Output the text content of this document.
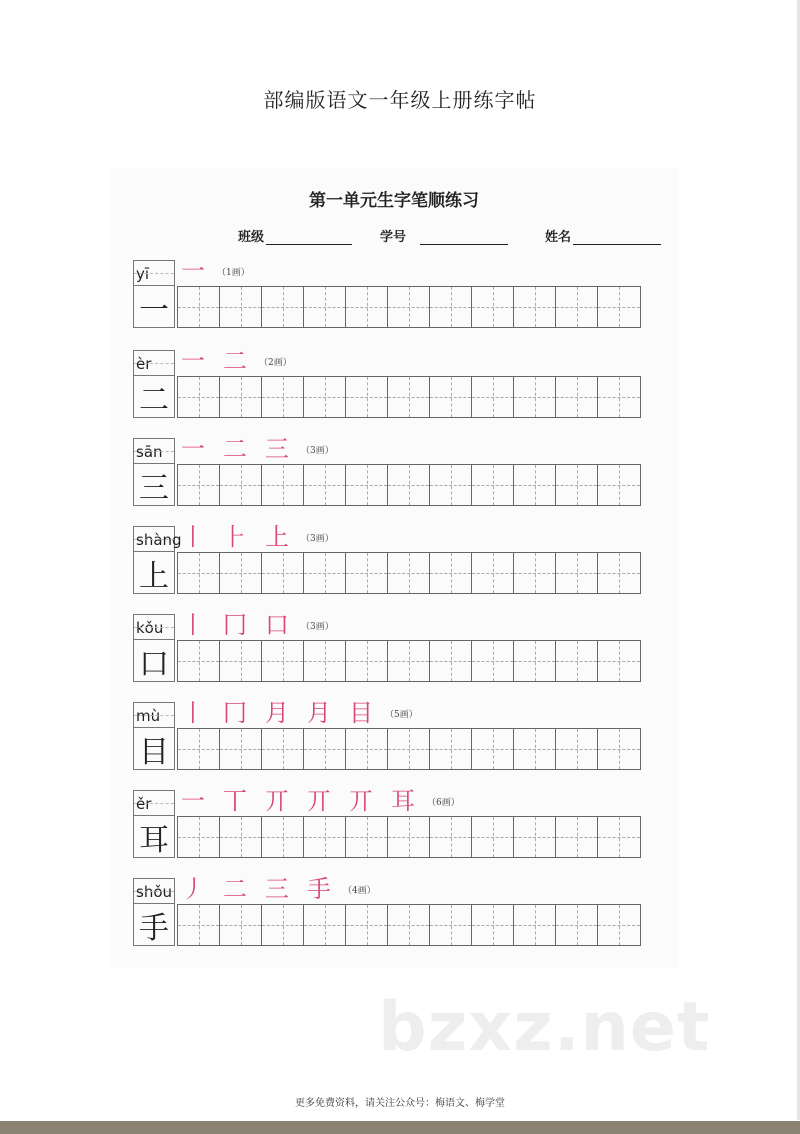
部编版语文一年级上册练字帖
第一单元生字笔顺练习
班级	学号	姓名
yī
一
一 （1画）
èr
二
一 二 （2画）
sān
三
一 二 三 （3画）
shàng
上
丨 ⺊ 上 （3画）
kǒu
口
丨 冂 口 （3画）
mù
目
丨 冂 月 月 目 （5画）
ěr
耳
一 丅 丌 丌 丌 耳 （6画）
shǒu
手
丿 二 三 手 （4画）
bzxz.net
更多免费资料，请关注公众号：梅语文、梅学堂
